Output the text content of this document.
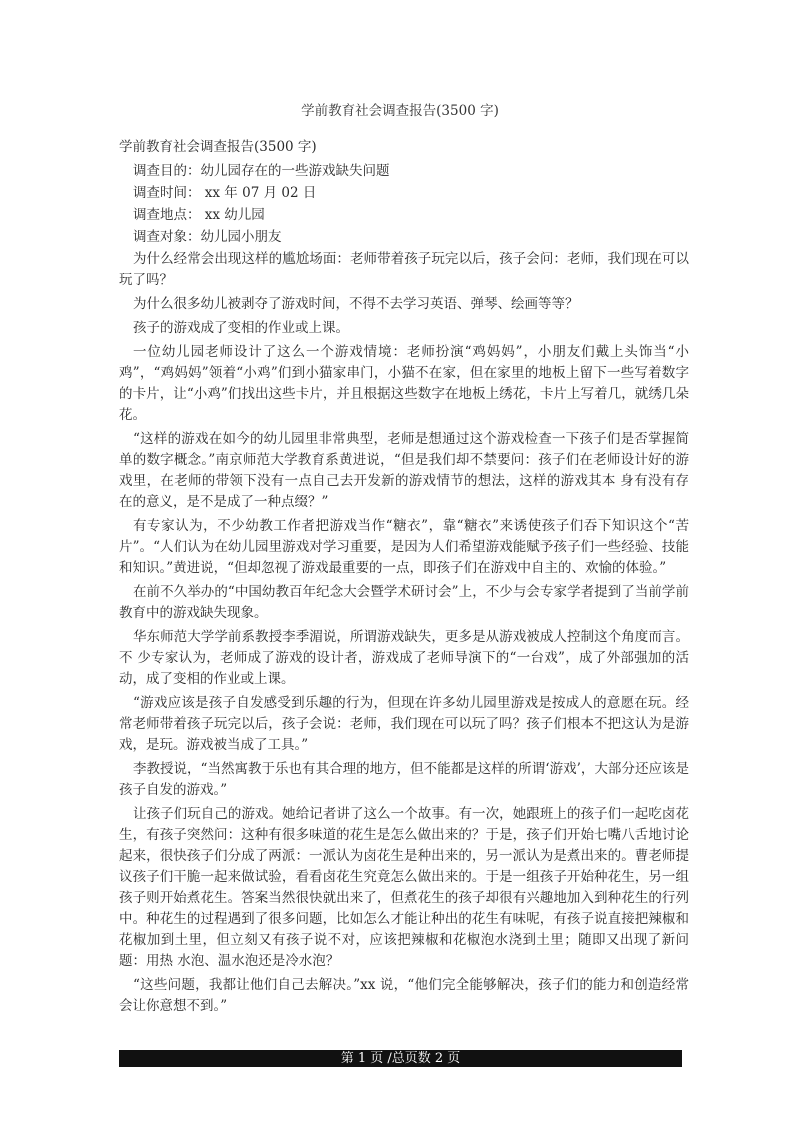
学前教育社会调查报告(3500 字)

学前教育社会调查报告(3500 字)

调查目的：幼儿园存在的一些游戏缺失问题

调查时间： xx 年 07 月 02 日

调查地点： xx 幼儿园

调查对象：幼儿园小朋友

为什么经常会出现这样的尴尬场面：老师带着孩子玩完以后，孩子会问：老师，我们现在可以玩了吗？

为什么很多幼儿被剥夺了游戏时间，不得不去学习英语、弹琴、绘画等等？

孩子的游戏成了变相的作业或上课。

一位幼儿园老师设计了这么一个游戏情境：老师扮演“鸡妈妈”，小朋友们戴上头饰当“小鸡”，“鸡妈妈”领着“小鸡”们到小猫家串门，小猫不在家，但在家里的地板上留下一些写着数字的卡片，让“小鸡”们找出这些卡片，并且根据这些数字在地板上绣花，卡片上写着几，就绣几朵花。

“这样的游戏在如今的幼儿园里非常典型，老师是想通过这个游戏检查一下孩子们是否掌握简单的数字概念。”南京师范大学教育系黄进说，“但是我们却不禁要问：孩子们在老师设计好的游戏里，在老师的带领下没有一点自己去开发新的游戏情节的想法，这样的游戏其本 身有没有存在的意义，是不是成了一种点缀？”

有专家认为，不少幼教工作者把游戏当作“糖衣”，靠“糖衣”来诱使孩子们吞下知识这个“苦片”。“人们认为在幼儿园里游戏对学习重要，是因为人们希望游戏能赋予孩子们一些经验、技能和知识。”黄进说，“但却忽视了游戏最重要的一点，即孩子们在游戏中自主的、欢愉的体验。”

在前不久举办的“中国幼教百年纪念大会暨学术研讨会”上，不少与会专家学者提到了当前学前教育中的游戏缺失现象。

华东师范大学学前系教授李季湄说，所谓游戏缺失，更多是从游戏被成人控制这个角度而言。不 少专家认为，老师成了游戏的设计者，游戏成了老师导演下的“一台戏”，成了外部强加的活动，成了变相的作业或上课。

“游戏应该是孩子自发感受到乐趣的行为，但现在许多幼儿园里游戏是按成人的意愿在玩。经常老师带着孩子玩完以后，孩子会说：老师，我们现在可以玩了吗？孩子们根本不把这认为是游戏，是玩。游戏被当成了工具。”

李教授说，“当然寓教于乐也有其合理的地方，但不能都是这样的所谓‘游戏’，大部分还应该是孩子自发的游戏。”

让孩子们玩自己的游戏。她给记者讲了这么一个故事。有一次，她跟班上的孩子们一起吃卤花生，有孩子突然问：这种有很多味道的花生是怎么做出来的？于是，孩子们开始七嘴八舌地讨论起来，很快孩子们分成了两派：一派认为卤花生是种出来的，另一派认为是煮出来的。曹老师提议孩子们干脆一起来做试验，看看卤花生究竟怎么做出来的。于是一组孩子开始种花生，另一组孩子则开始煮花生。答案当然很快就出来了，但煮花生的孩子却很有兴趣地加入到种花生的行列中。种花生的过程遇到了很多问题，比如怎么才能让种出的花生有味呢，有孩子说直接把辣椒和花椒加到土里，但立刻又有孩子说不对，应该把辣椒和花椒泡水浇到土里；随即又出现了新问题：用热 水泡、温水泡还是冷水泡？

“这些问题，我都让他们自己去解决。”xx 说，“他们完全能够解决，孩子们的能力和创造经常会让你意想不到。”

第 1 页 /总页数 2 页
